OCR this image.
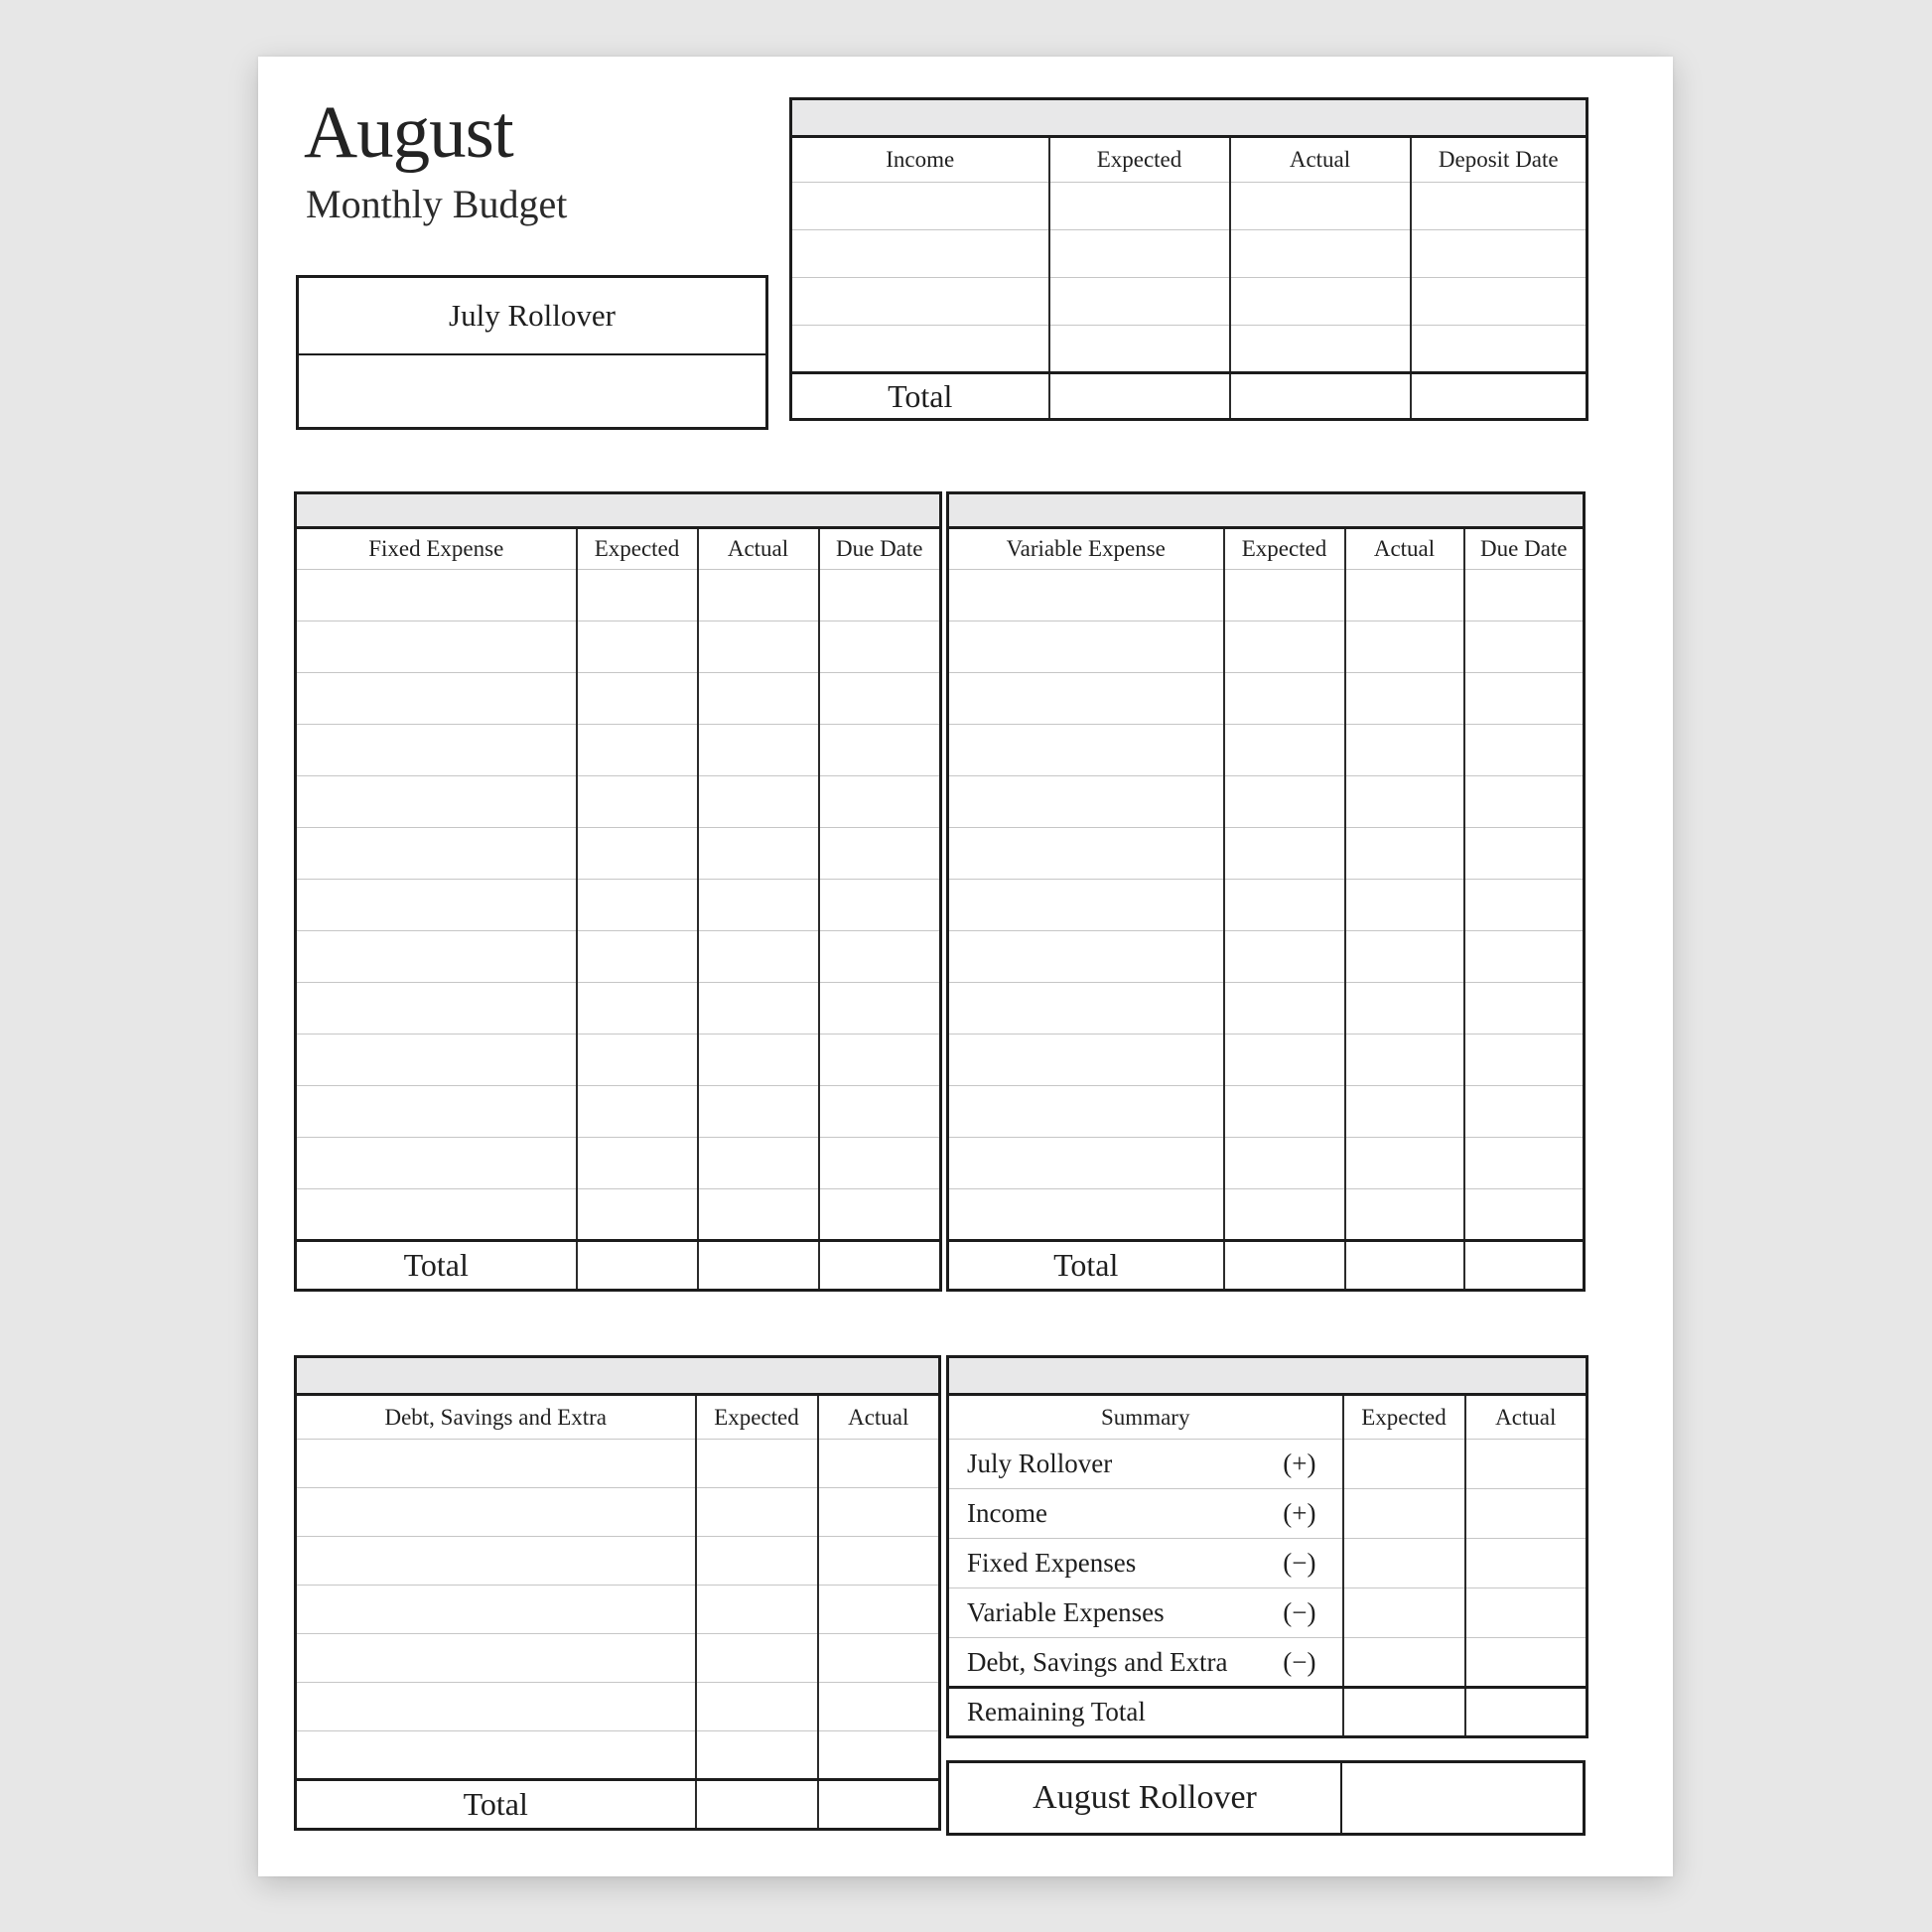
August
Monthly Budget
July Rollover

Income	Expected	Actual	Deposit Date

Total			

Fixed Expense	Expected	Actual	Due Date

Total			

Variable Expense	Expected	Actual	Due Date

Total			

Debt, Savings and Extra	Expected	Actual

Total		

Summary	Expected	Actual

July Rollover (+)		

Income (+)		

Fixed Expenses (−)		

Variable Expenses (−)		

Debt, Savings and Extra (−)		

Remaining Total		

August Rollover
